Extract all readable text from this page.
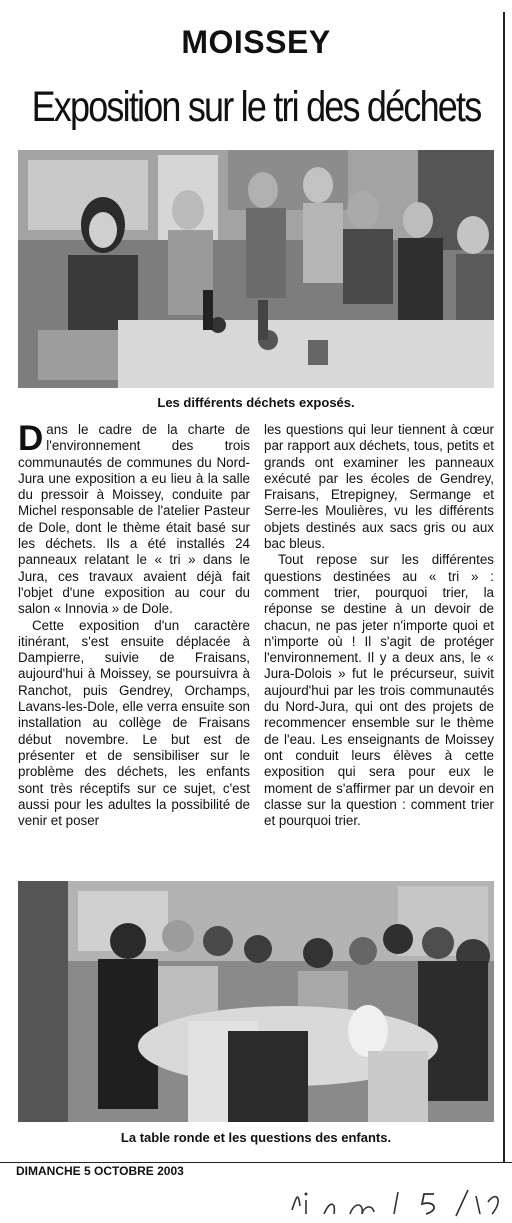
MOISSEY
Exposition sur le tri des déchets
Les différents déchets exposés.

Dans le cadre de la charte de l'environnement des trois communautés de communes du Nord-Jura une exposition a eu lieu à la salle du pressoir à Moissey, conduite par Michel responsable de l'atelier Pasteur de Dole, dont le thème était basé sur les déchets. Ils a été installés 24 panneaux relatant le « tri » dans le Jura, ces travaux avaient déjà fait l'objet d'une exposition au cour du salon « Innovia » de Dole.

Cette exposition d'un caractère itinérant, s'est ensuite déplacée à Dampierre, suivie de Fraisans, aujourd'hui à Moissey, se poursuivra à Ranchot, puis Gendrey, Orchamps, Lavans-les-Dole, elle verra ensuite son installation au collège de Fraisans début novembre. Le but est de présenter et de sensibiliser sur le problème des déchets, les enfants sont très réceptifs sur ce sujet, c'est aussi pour les adultes la possibilité de venir et poser

les questions qui leur tiennent à cœur par rapport aux déchets, tous, petits et grands ont examiner les panneaux exécuté par les écoles de Gendrey, Fraisans, Etrepigney, Sermange et Serre-les Moulières, vu les différents objets destinés aux sacs gris ou aux bac bleus.

Tout repose sur les différentes questions destinées au « tri » : comment trier, pourquoi trier, la réponse se destine à un devoir de chacun, ne pas jeter n'importe quoi et n'importe où ! Il s'agit de protéger l'environnement. Il y a deux ans, le « Jura-Dolois » fut le précurseur, suivit aujourd'hui par les trois communautés du Nord-Jura, qui ont des projets de recommencer ensemble sur le thème de l'eau. Les enseignants de Moissey ont conduit leurs élèves à cette exposition qui sera pour eux le moment de s'affirmer par un devoir en classe sur la question : comment trier et pourquoi trier.

La table ronde et les questions des enfants.
DIMANCHE 5 OCTOBRE 2003
